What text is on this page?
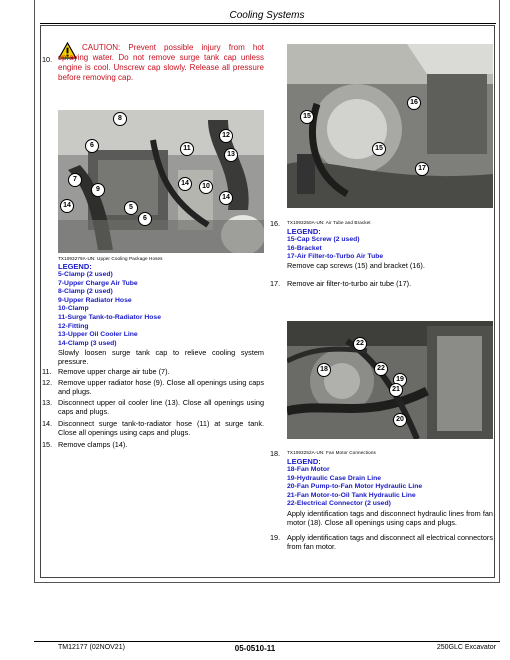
Cooling Systems
10.
CAUTION: Prevent possible injury from hot spraying water. Do not remove surge tank cap unless engine is cool. Unscrew cap slowly. Release all pressure before removing cap.
8
12
6	11
13
7
14	10
9
14
14	5
6
TX1093279A-UN: Upper Cooling Package Hoses
LEGEND:
5-Clamp (2 used)
7-Upper Charge Air Tube
8-Clamp (2 used)
9-Upper Radiator Hose
10-Clamp
11-Surge Tank-to-Radiator Hose
12-Fitting
13-Upper Oil Cooler Line
14-Clamp (3 used)
Slowly loosen surge tank cap to relieve cooling system pressure.
11. Remove upper charge air tube (7).
12. Remove upper radiator hose (9). Close all openings using caps and plugs.
13. Disconnect upper oil cooler line (13). Close all openings using caps and plugs.
14. Disconnect surge tank-to-radiator hose (11) at surge tank. Close all openings using caps and plugs.
15. Remove clamps (14).
16
15
15
17
16. TX1093250A-UN: Air Tube and Bracket
LEGEND:
15-Cap Screw (2 used)
16-Bracket
17-Air Filter-to-Turbo Air Tube
Remove cap screws (15) and bracket (16).
17. Remove air filter-to-turbo air tube (17).
22
22
18
19
21
20
18. TX1093252A-UN: Fan Motor Connections
LEGEND:
18-Fan Motor
19-Hydraulic Case Drain Line
20-Fan Pump-to-Fan Motor Hydraulic Line
21-Fan Motor-to-Oil Tank Hydraulic Line
22-Electrical Connector (2 used)
Apply identification tags and disconnect hydraulic lines from fan motor (18). Close all openings using caps and plugs.
19. Apply identification tags and disconnect all electrical connectors from fan motor.
TM12177 (02NOV21)	05-0510-11	250GLC Excavator
